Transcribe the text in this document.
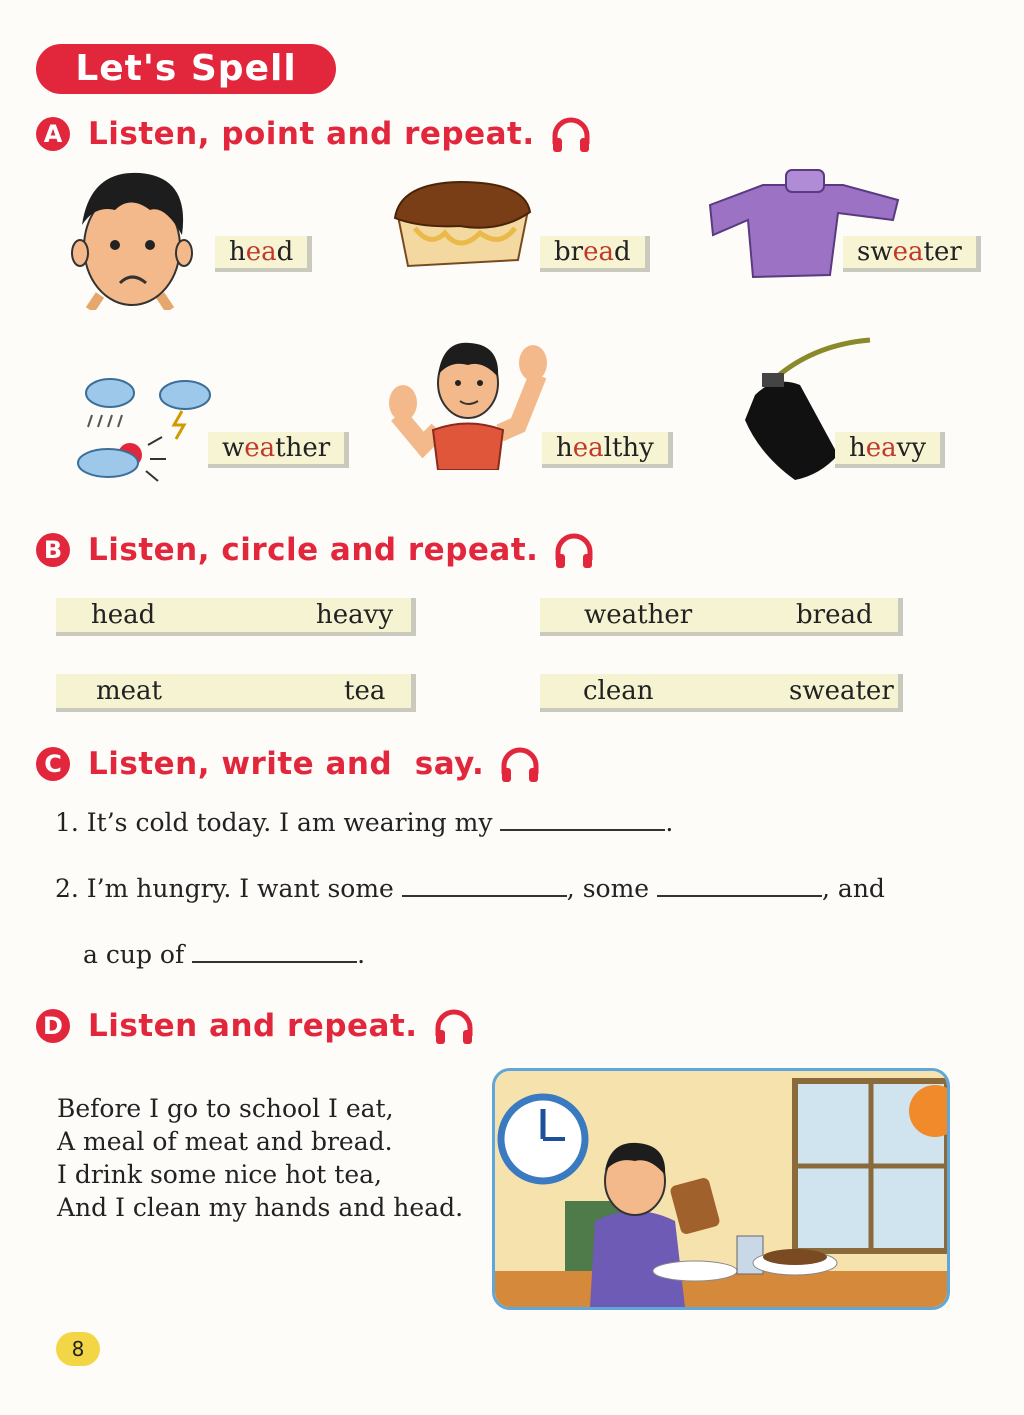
Let's Spell
A Listen, point and repeat.
head	bread	sweater
weather	healthy	heavy
B Listen, circle and repeat.
head	heavy	weather	bread
meat	tea	clean	sweater
C Listen, write and  say.
1. It’s cold today. I am wearing my	.
2. I’m hungry. I want some	, some	, and
a cup of	.
D Listen and repeat.
Before I go to school I eat,
A meal of meat and bread.
I drink some nice hot tea,
And I clean my hands and head.
8
